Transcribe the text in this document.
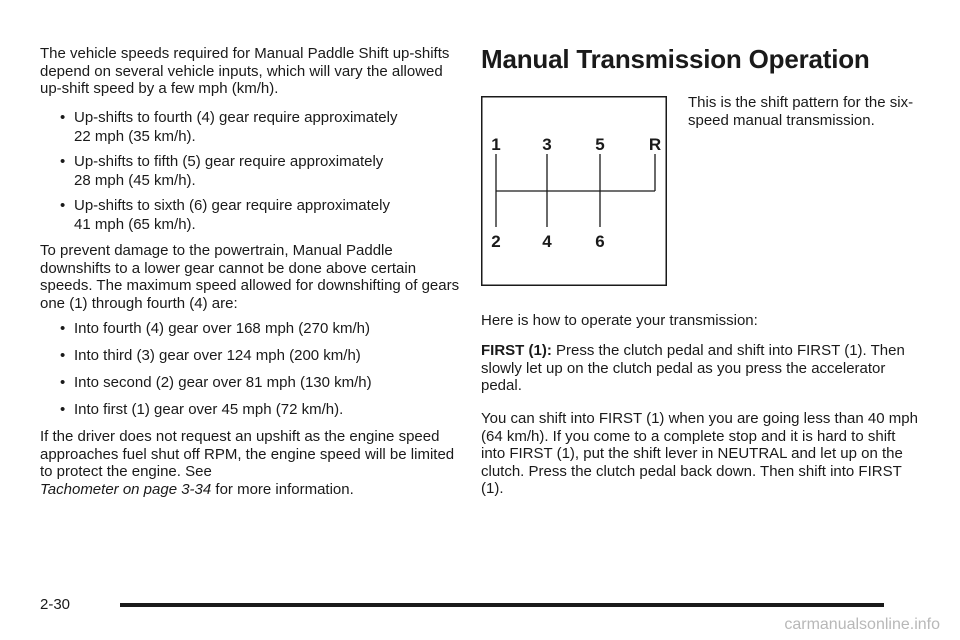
The vehicle speeds required for Manual Paddle Shift up-shifts depend on several vehicle inputs, which will vary the allowed up-shift speed by a few mph (km/h).

• Up-shifts to fourth (4) gear require approximately
22 mph (35 km/h).
• Up-shifts to fifth (5) gear require approximately
28 mph (45 km/h).
• Up-shifts to sixth (6) gear require approximately
41 mph (65 km/h).

To prevent damage to the powertrain, Manual Paddle downshifts to a lower gear cannot be done above certain speeds. The maximum speed allowed for downshifting of gears one (1) through fourth (4) are:

• Into fourth (4) gear over 168 mph (270 km/h)
• Into third (3) gear over 124 mph (200 km/h)
• Into second (2) gear over 81 mph (130 km/h)
• Into first (1) gear over 45 mph (72 km/h).

If the driver does not request an upshift as the engine speed approaches fuel shut off RPM, the engine speed will be limited to protect the engine. See
Tachometer on page 3-34 for more information.

Manual Transmission Operation
1 3	5	R
2 4	6

This is the shift pattern for the six-speed manual transmission.

Here is how to operate your transmission:

FIRST (1): Press the clutch pedal and shift into FIRST (1). Then slowly let up on the clutch pedal as you press the accelerator pedal.

You can shift into FIRST (1) when you are going less than 40 mph (64 km/h). If you come to a complete stop and it is hard to shift into FIRST (1), put the shift lever in NEUTRAL and let up on the clutch. Press the clutch pedal back down. Then shift into FIRST (1).

2-30
carmanualsonline.info
